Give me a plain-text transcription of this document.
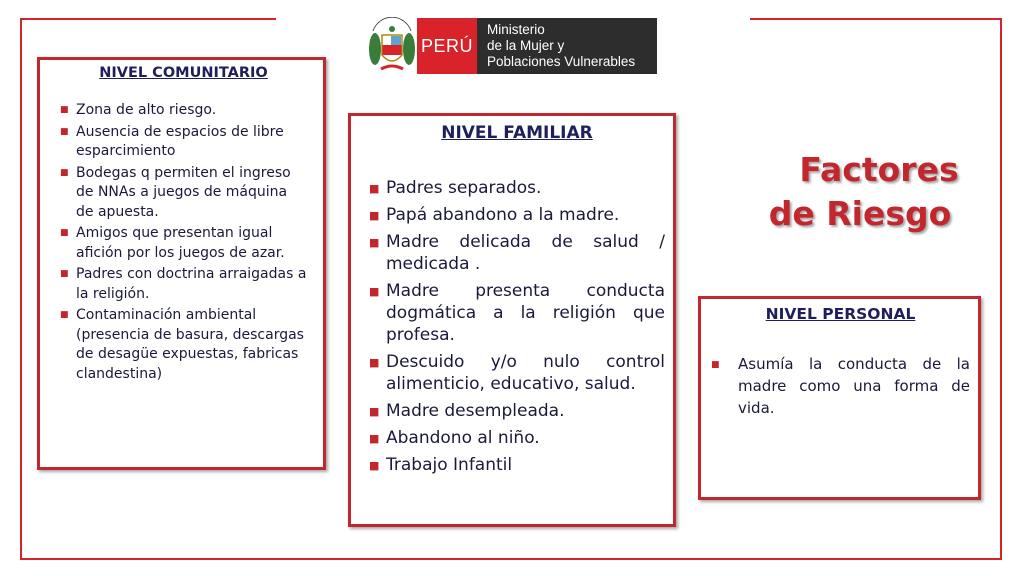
PERÚ
Ministerio
de la Mujer y
Poblaciones Vulnerables
NIVEL COMUNITARIO
■ Zona de alto riesgo.
■ Ausencia de espacios de libre esparcimiento
■ Bodegas q permiten el ingreso de NNAs a juegos de máquina de apuesta.
■ Amigos que presentan igual afición por los juegos de azar.
■ Padres con doctrina arraigadas a la religión.
■ Contaminación ambiental (presencia de basura, descargas de desagüe expuestas, fabricas clandestina)
NIVEL FAMILIAR
■ Padres separados.
■ Papá abandono a la madre.
■ Madre delicada de salud / medicada .
■ Madre presenta conducta dogmática a la religión que profesa.
■ Descuido y/o nulo control alimenticio, educativo, salud.
■ Madre desempleada.
■ Abandono al niño.
■ Trabajo Infantil
Factores
de Riesgo
NIVEL PERSONAL
■ Asumía la conducta de la madre como una forma de vida.
